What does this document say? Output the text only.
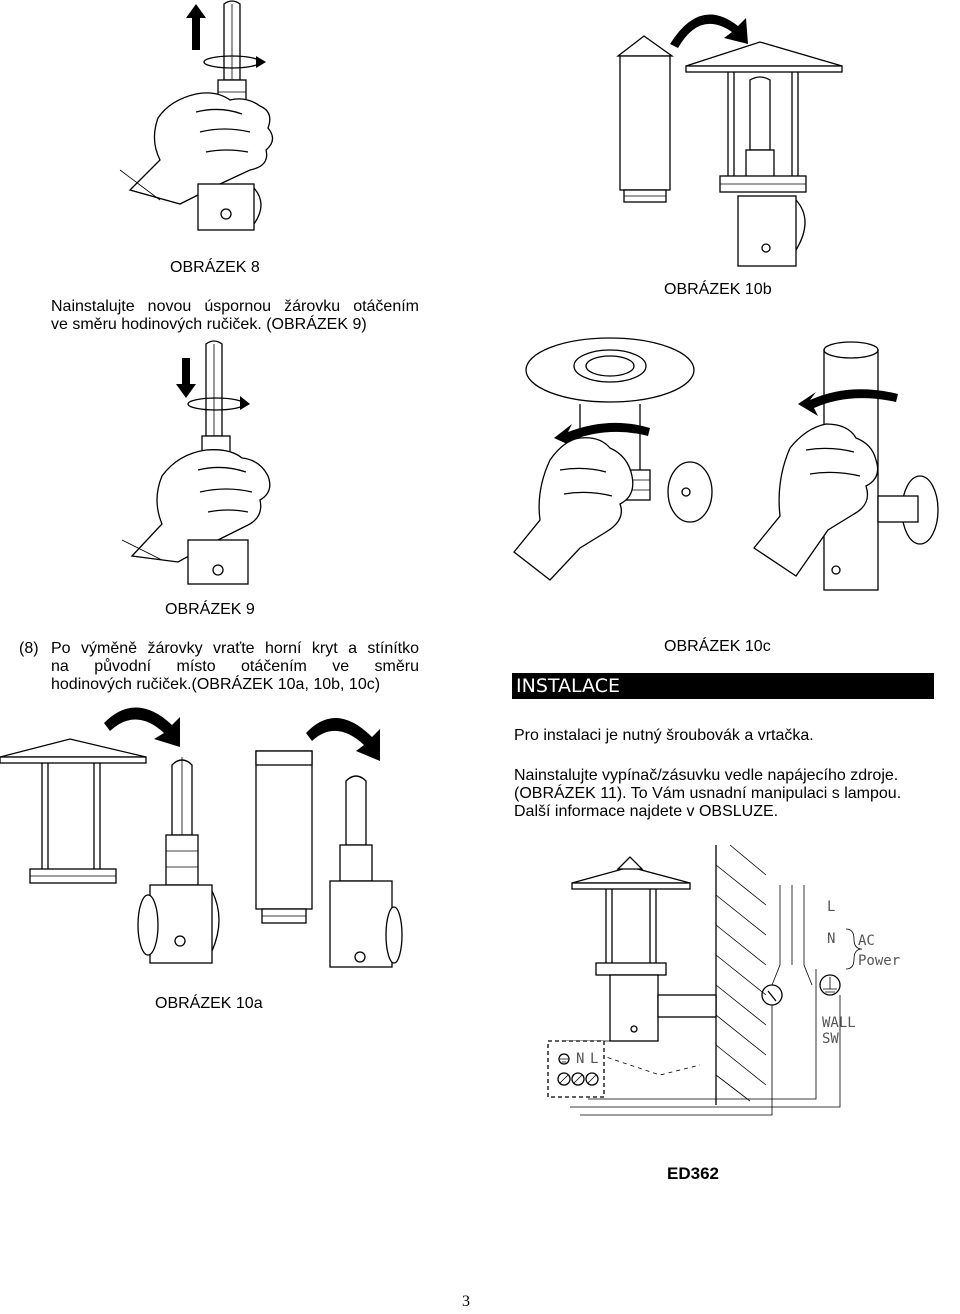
OBRÁZEK 8
Nainstalujte novou úspornou žárovku otáčením
ve směru hodinových ručiček. (OBRÁZEK 9)
OBRÁZEK 10b
OBRÁZEK 9
(8) Po výměně žárovky vraťte horní kryt a stínítko
na původní místo otáčením ve směru
hodinových ručiček.(OBRÁZEK 10a, 10b, 10c)
OBRÁZEK 10c
INSTALACE
Pro instalaci je nutný šroubovák a vrtačka.
Nainstalujte vypínač/zásuvku vedle napájecího zdroje.
(OBRÁZEK 11). To Vám usnadní manipulaci s lampou.
Další informace najdete v OBSLUZE.
OBRÁZEK 10a
L
N AC
Power
WALL
SW
N L
ED362
3
